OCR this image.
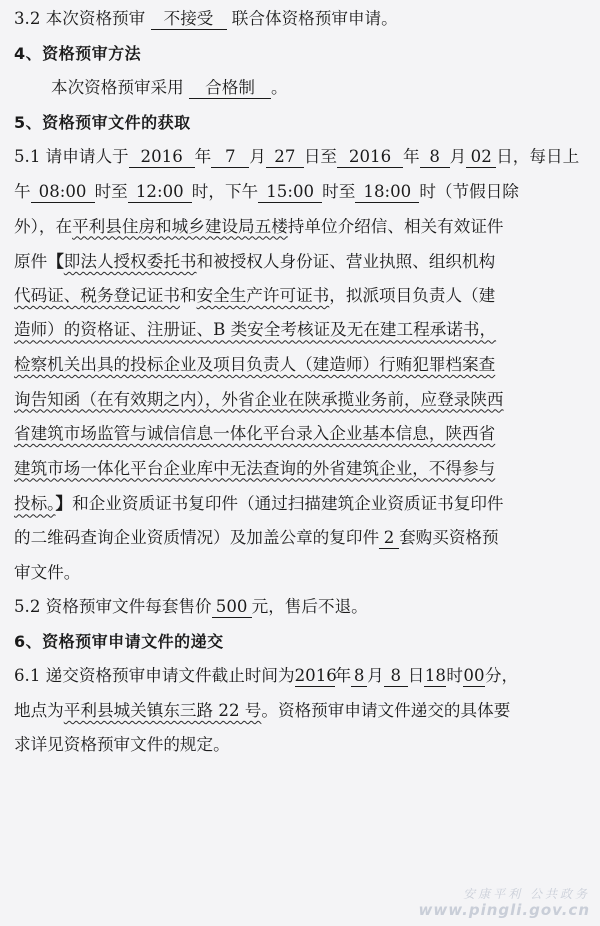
3.2 本次资格预审 不接受 联合体资格预审申请。
4、资格预审方法
本次资格预审采用 合格制 。
5、资格预审文件的获取
5.1 请申请人于 2016 年 7 月 27 日至 2016 年 8 月 02 日，每日上
午 08:00 时至 12:00 时，下午 15:00 时至 18:00 时（节假日除
外），在平利县住房和城乡建设局五楼持单位介绍信、相关有效证件
原件【即法人授权委托书和被授权人身份证、营业执照、组织机构
代码证、税务登记证书和安全生产许可证书，拟派项目负责人（建
造师）的资格证、注册证、B 类安全考核证及无在建工程承诺书，
检察机关出具的投标企业及项目负责人（建造师）行贿犯罪档案查
询告知函（在有效期之内），外省企业在陕承揽业务前，应登录陕西
省建筑市场监管与诚信信息一体化平台录入企业基本信息，陕西省
建筑市场一体化平台企业库中无法查询的外省建筑企业，不得参与
投标。】和企业资质证书复印件（通过扫描建筑企业资质证书复印件
的二维码查询企业资质情况）及加盖公章的复印件 2 套购买资格预
审文件。
5.2 资格预审文件每套售价 500 元，售后不退。
6、资格预审申请文件的递交
6.1 递交资格预审申请文件截止时间为2016年 8 月 8 日18时00分，
地点为平利县城关镇东三路 22 号。资格预审申请文件递交的具体要
求详见资格预审文件的规定。
安康平利 公共政务
www.pingli.gov.cn
